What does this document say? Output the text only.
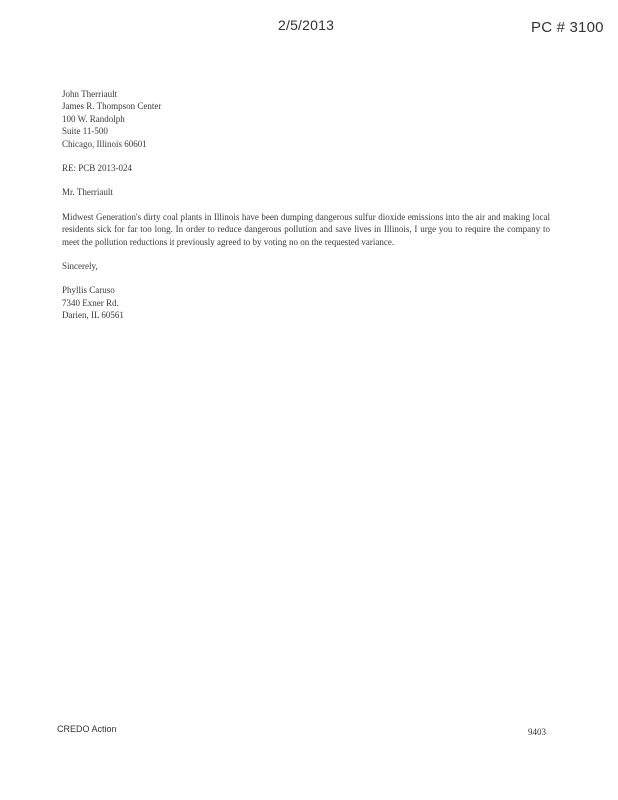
2/5/2013	PC # 3100
John Therriault
James R. Thompson Center
100 W. Randolph
Suite 11-500
Chicago, Illinois 60601
RE: PCB 2013-024
Mr. Therriault
Midwest Generation's dirty coal plants in Illinois have been dumping dangerous sulfur dioxide emissions into the air and making local residents sick for far too long. In order to reduce dangerous pollution and save lives in Illinois, I urge you to require the company to meet the pollution reductions it previously agreed to by voting no on the requested variance.
Sincerely,
Phyllis Caruso
7340 Exner Rd.
Darien, IL 60561
CREDO Action	9403
